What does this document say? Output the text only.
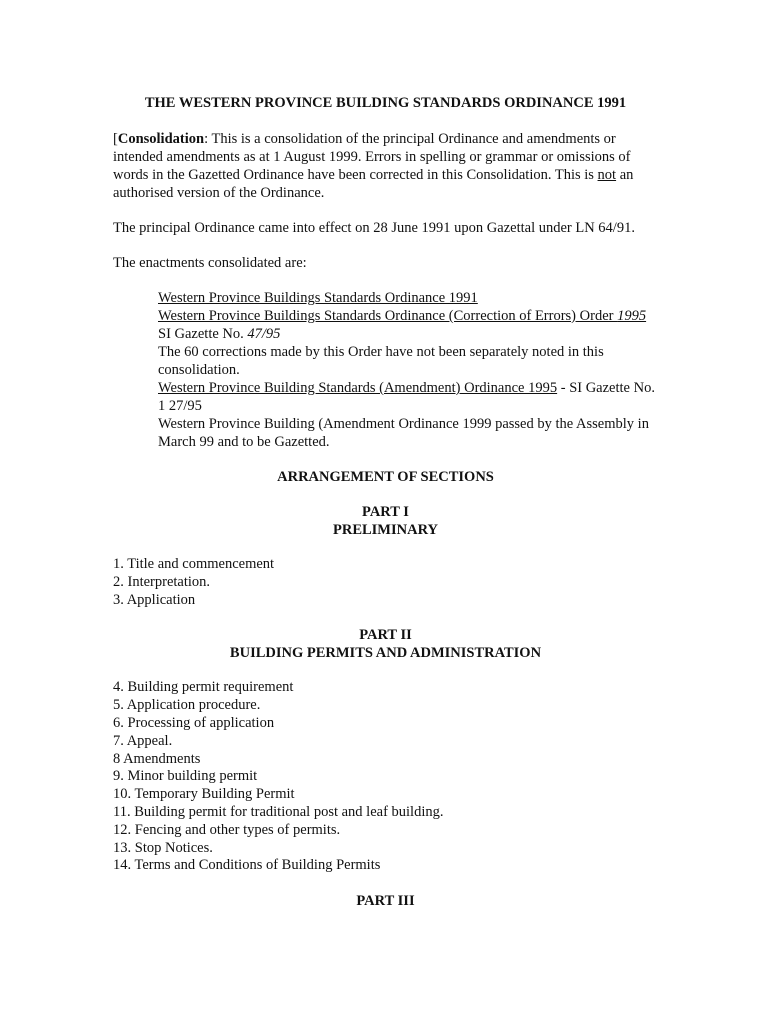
THE WESTERN PROVINCE BUILDING STANDARDS ORDINANCE 1991

[Consolidation: This is a consolidation of the principal Ordinance and amendments or intended amendments as at 1 August 1999. Errors in spelling or grammar or omissions of words in the Gazetted Ordinance have been corrected in this Consolidation. This is not an authorised version of the Ordinance.

The principal Ordinance came into effect on 28 June 1991 upon Gazettal under LN 64/91.

The enactments consolidated are:

Western Province Buildings Standards Ordinance 1991
Western Province Buildings Standards Ordinance (Correction of Errors) Order 1995 SI Gazette No. 47/95
The 60 corrections made by this Order have not been separately noted in this consolidation.
Western Province Building Standards (Amendment) Ordinance 1995 - SI Gazette No. 1 27/95
Western Province Building (Amendment Ordinance 1999 passed by the Assembly in March 99 and to be Gazetted.

ARRANGEMENT OF SECTIONS

PART I

PRELIMINARY

1. Title and commencement
2. Interpretation.
3. Application

PART II

BUILDING PERMITS AND ADMINISTRATION

4. Building permit requirement
5. Application procedure.
6. Processing of application
7. Appeal.
8 Amendments
9. Minor building permit
10. Temporary Building Permit
11. Building permit for traditional post and leaf building.
12. Fencing and other types of permits.
13. Stop Notices.
14. Terms and Conditions of Building Permits

PART III
